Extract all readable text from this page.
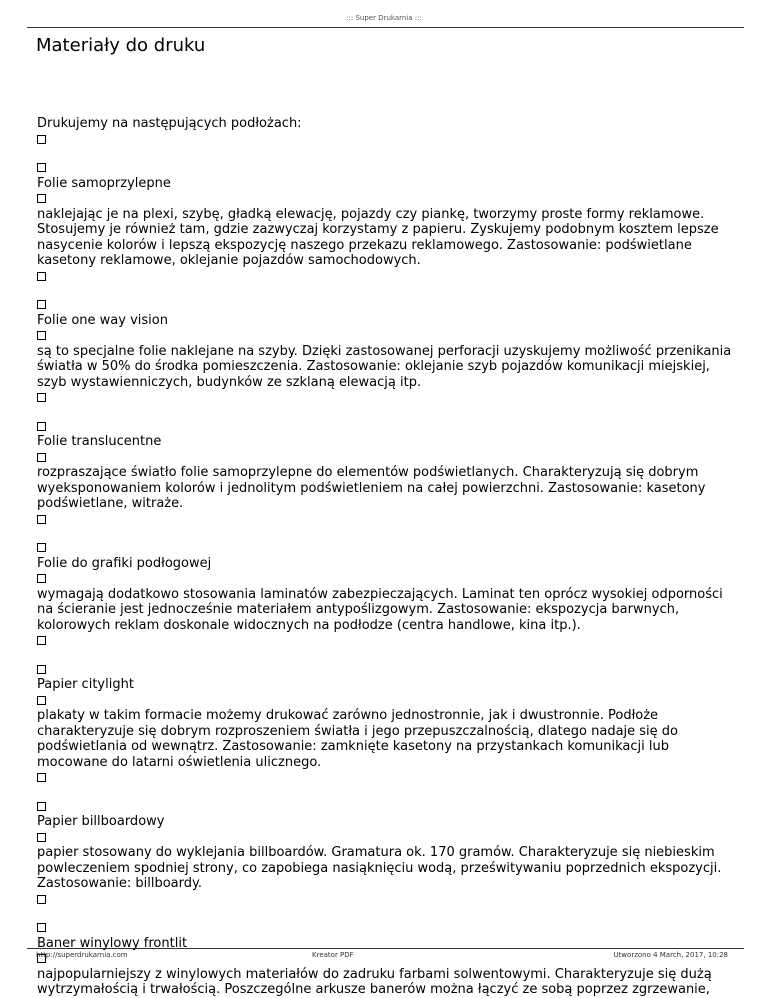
::: Super Drukarnia :::
Materiały do druku

Drukujemy na następujących podłożach:

Folie samoprzylepne

naklejając je na plexi, szybę, gładką elewację, pojazdy czy piankę, tworzymy proste formy reklamowe. Stosujemy je również tam, gdzie zazwyczaj korzystamy z papieru. Zyskujemy podobnym kosztem lepsze nasycenie kolorów i lepszą ekspozycję naszego przekazu reklamowego. Zastosowanie: podświetlane kasetony reklamowe, oklejanie pojazdów samochodowych.

Folie one way vision

są to specjalne folie naklejane na szyby. Dzięki zastosowanej perforacji uzyskujemy możliwość przenikania światła w 50% do środka pomieszczenia. Zastosowanie: oklejanie szyb pojazdów komunikacji miejskiej, szyb wystawienniczych, budynków ze szklaną elewacją itp.

Folie translucentne

rozpraszające światło folie samoprzylepne do elementów podświetlanych. Charakteryzują się dobrym wyeksponowaniem kolorów i jednolitym podświetleniem na całej powierzchni. Zastosowanie: kasetony podświetlane, witraże.

Folie do grafiki podłogowej

wymagają dodatkowo stosowania laminatów zabezpieczających. Laminat ten oprócz wysokiej odporności na ścieranie jest jednocześnie materiałem antypoślizgowym. Zastosowanie: ekspozycja barwnych, kolorowych reklam doskonale widocznych na podłodze (centra handlowe, kina itp.).

Papier citylight

plakaty w takim formacie możemy drukować zarówno jednostronnie, jak i dwustronnie. Podłoże charakteryzuje się dobrym rozproszeniem światła i jego przepuszczalnością, dlatego nadaje się do podświetlania od wewnątrz. Zastosowanie: zamknięte kasetony na przystankach komunikacji lub mocowane do latarni oświetlenia ulicznego.

Papier billboardowy

papier stosowany do wyklejania billboardów. Gramatura ok. 170 gramów. Charakteryzuje się niebieskim powleczeniem spodniej strony, co zapobiega nasiąknięciu wodą, prześwitywaniu poprzednich ekspozycji. Zastosowanie: billboardy.

Baner winylowy frontlit

najpopularniejszy z winylowych materiałów do zadruku farbami solwentowymi. Charakteryzuje się dużą wytrzymałością i trwałością. Poszczególne arkusze banerów można łączyć ze sobą poprzez zgrzewanie,

http://superdrukarnia.com	Kreator PDF	Utworzono 4 March, 2017, 10:28
